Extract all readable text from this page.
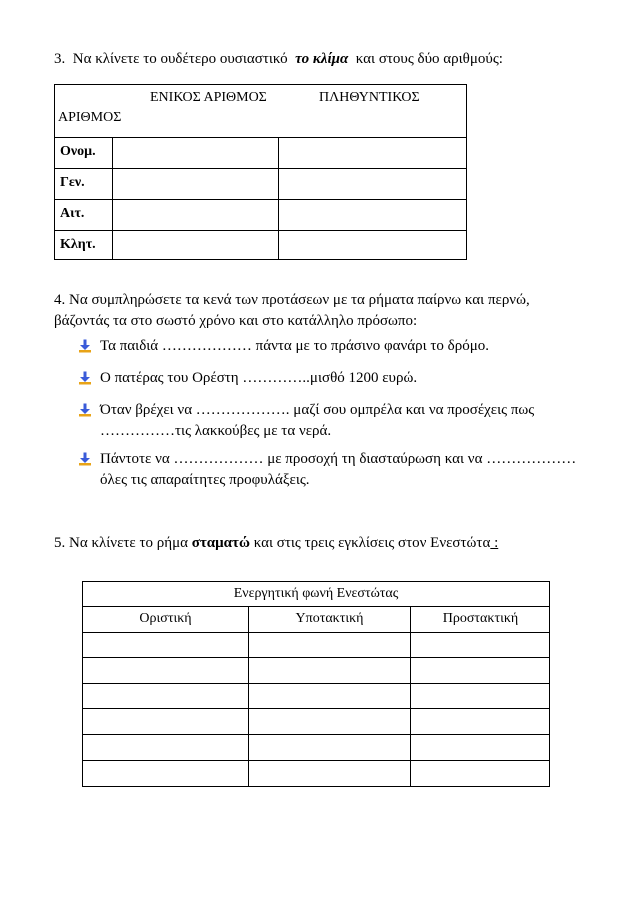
3. Να κλίνετε το ουδέτερο ουσιαστικό το κλίμα και στους δύο αριθμούς:
ΕΝΙΚΟΣ ΑΡΙΘΜΟΣ	ΠΛΗΘΥΝΤΙΚΟΣ
ΑΡΙΘΜΟΣ
Ονομ.
Γεν.
Αιτ.
Κλητ.
4. Να συμπληρώσετε τα κενά των προτάσεων με τα ρήματα παίρνω και περνώ,
βάζοντάς τα στο σωστό χρόνο και στο κατάλληλο πρόσωπο:
Τα παιδιά ……………… πάντα με το πράσινο φανάρι το δρόμο.
Ο πατέρας του Ορέστη …………..μισθό 1200 ευρώ.
Όταν βρέχει να ………………. μαζί σου ομπρέλα και να προσέχεις πως
……………τις λακκούβες με τα νερά.
Πάντοτε να ……………… με προσοχή τη διασταύρωση και να ………………
όλες τις απαραίτητες προφυλάξεις.
5. Να κλίνετε το ρήμα σταματώ και στις τρεις εγκλίσεις στον Ενεστώτα :
Ενεργητική φωνή Ενεστώτας
Οριστική	Υποτακτική	Προστακτική
